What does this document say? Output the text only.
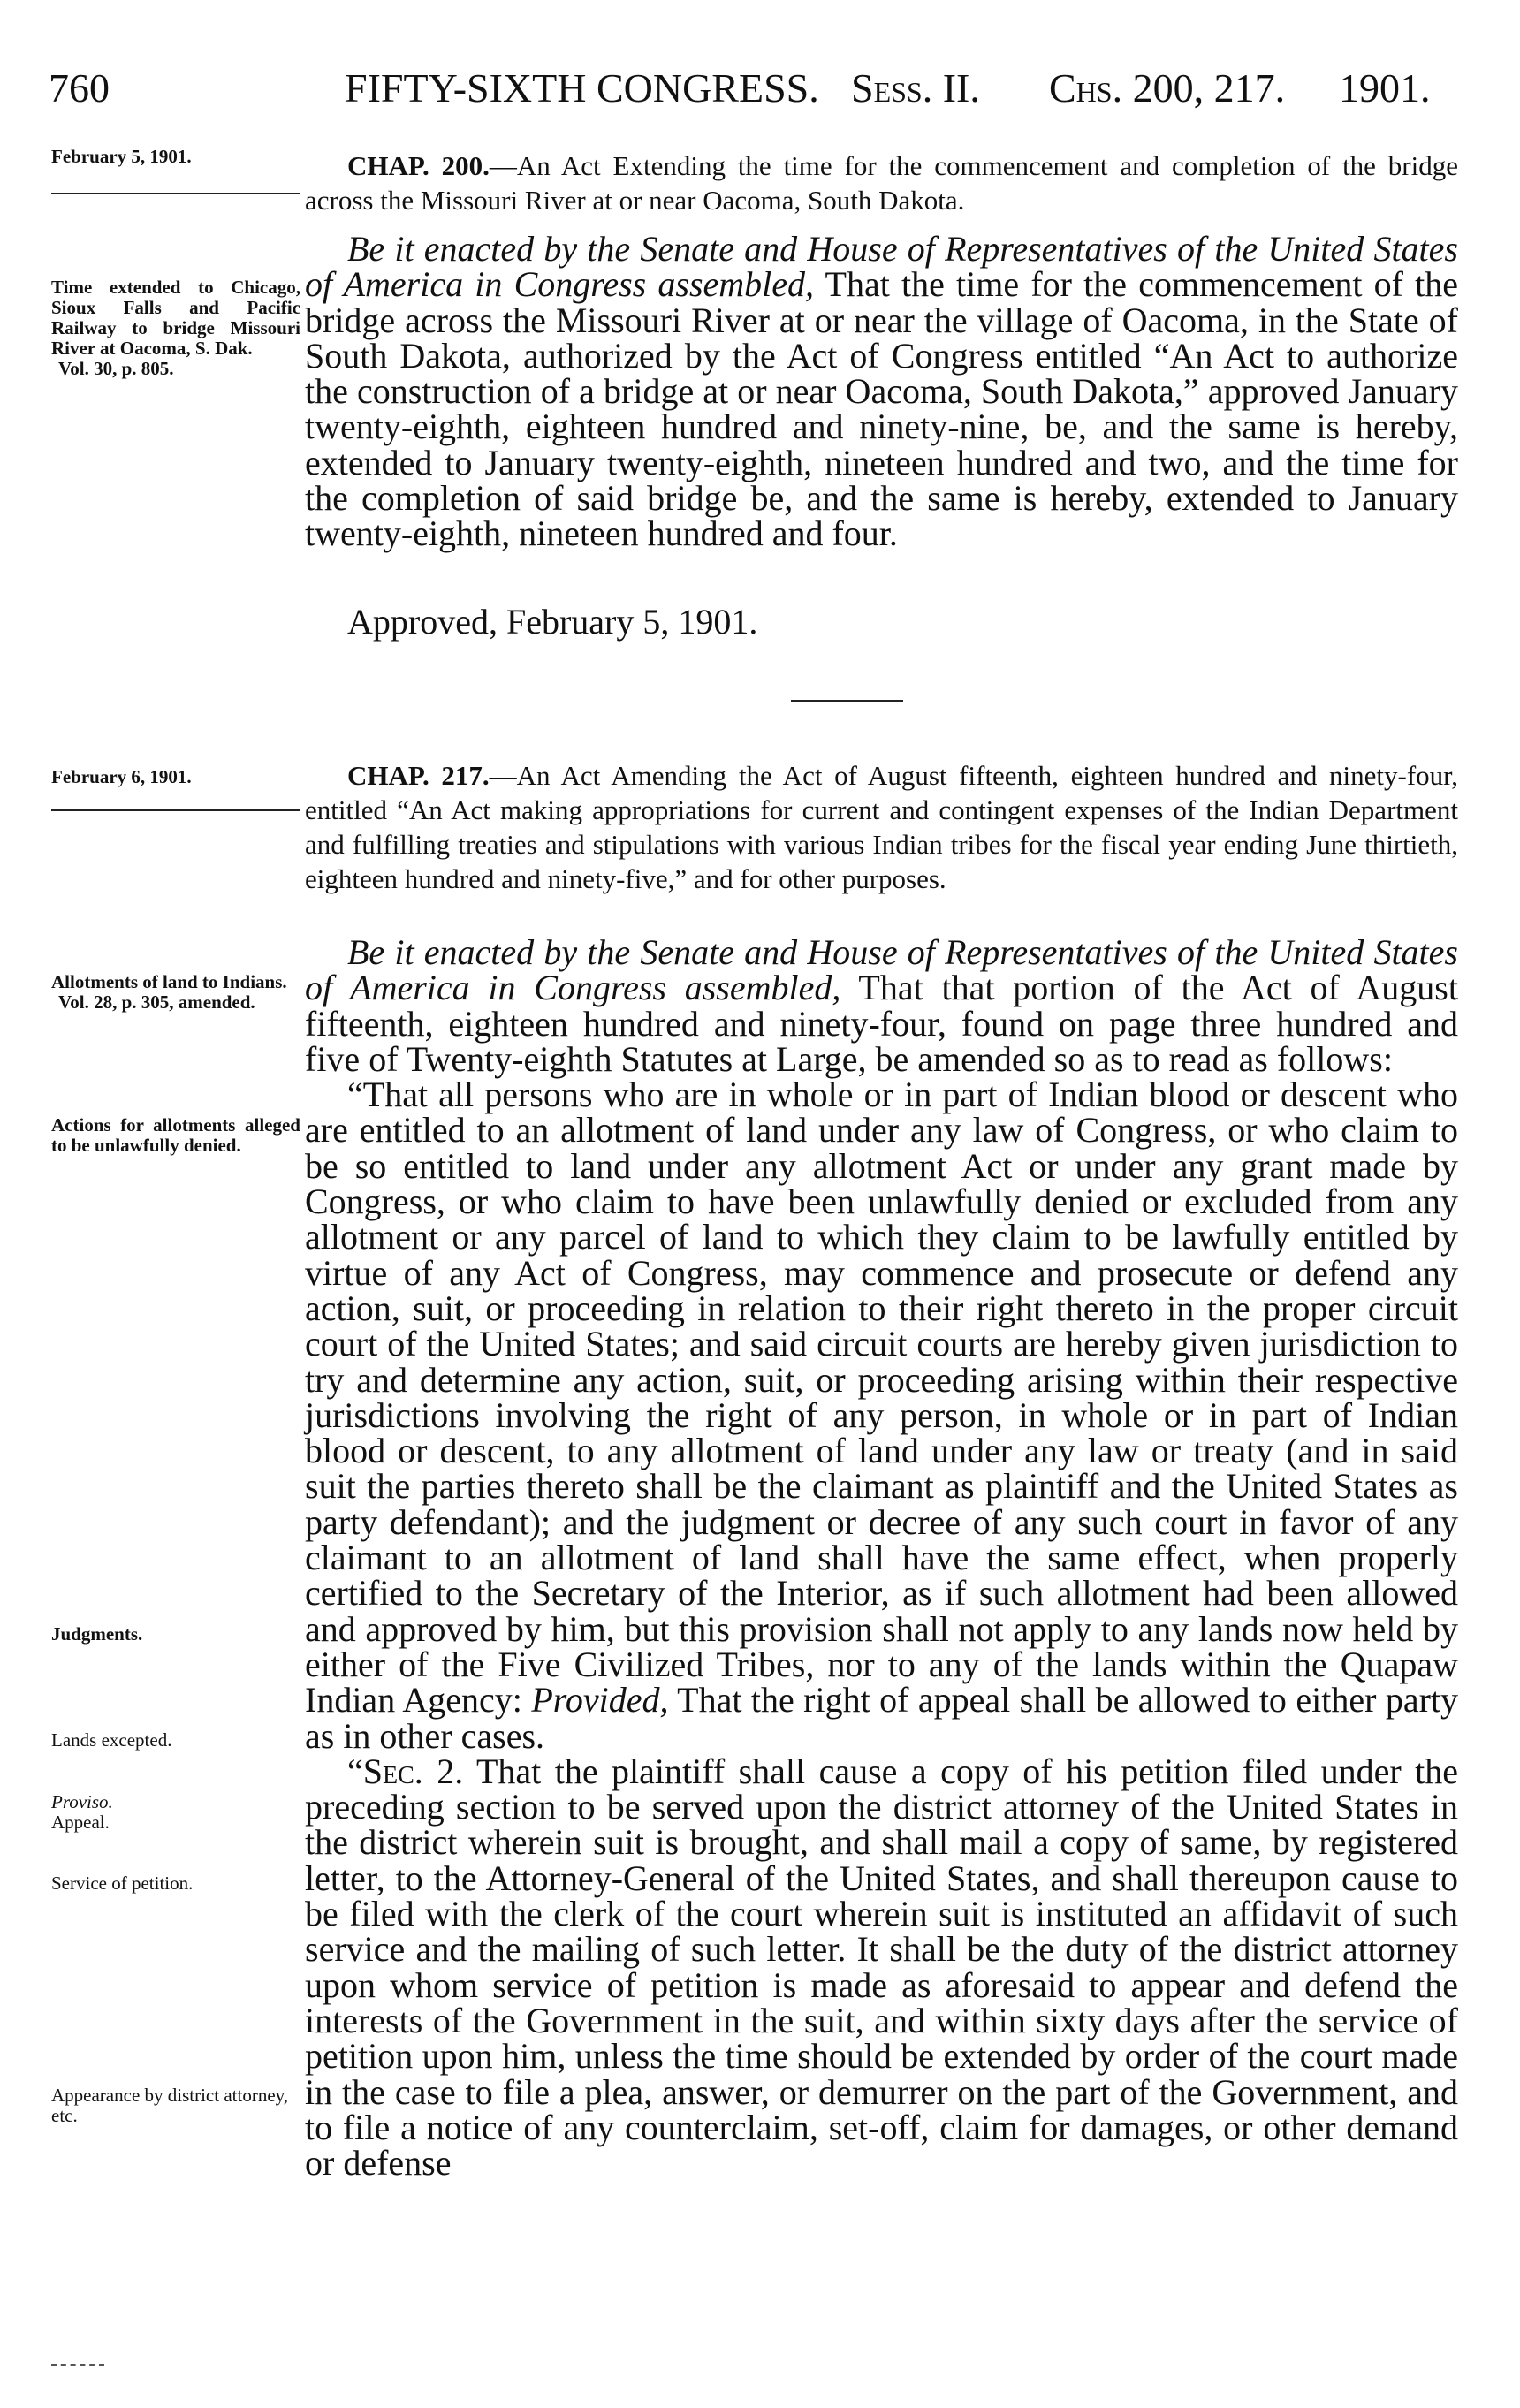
760	FIFTY-SIXTH CONGRESS. Sess. II. Chs. 200, 217. 1901.
February 5, 1901.	CHAP. 200.—An Act Extending the time for the commencement and completion of the bridge across the Missouri River at or near Oacoma, South Dakota.

Time extended to Chicago, Sioux Falls and Pacific Railway to bridge Missouri River at Oacoma, S. Dak.
Vol. 30, p. 805.

Be it enacted by the Senate and House of Representatives of the United States of America in Congress assembled, That the time for the commencement of the bridge across the Missouri River at or near the village of Oacoma, in the State of South Dakota, authorized by the Act of Congress entitled “An Act to authorize the construction of a bridge at or near Oacoma, South Dakota,” approved January twenty-eighth, eighteen hundred and ninety-nine, be, and the same is hereby, extended to January twenty-eighth, nineteen hundred and two, and the time for the completion of said bridge be, and the same is hereby, extended to January twenty-eighth, nineteen hundred and four.

Approved, February 5, 1901.
February 6, 1901.	CHAP. 217.—An Act Amending the Act of August fifteenth, eighteen hundred and ninety-four, entitled “An Act making appropriations for current and contingent expenses of the Indian Department and fulfilling treaties and stipulations with various Indian tribes for the fiscal year ending June thirtieth, eighteen hundred and ninety-five,” and for other purposes.

Be it enacted by the Senate and House of Representatives of the United States of America in Congress assembled, That that portion of the Act of August fifteenth, eighteen hundred and ninety-four, found on page three hundred and five of Twenty-eighth Statutes at Large, be amended so as to read as follows:

“That all persons who are in whole or in part of Indian blood or descent who are entitled to an allotment of land under any law of Congress, or who claim to be so entitled to land under any allotment Act or under any grant made by Congress, or who claim to have been unlawfully denied or excluded from any allotment or any parcel of land to which they claim to be lawfully entitled by virtue of any Act of Congress, may commence and prosecute or defend any action, suit, or proceeding in relation to their right thereto in the proper circuit court of the United States; and said circuit courts are hereby given jurisdiction to try and determine any action, suit, or proceeding arising within their respective jurisdictions involving the right of any person, in whole or in part of Indian blood or descent, to any allotment of land under any law or treaty (and in said suit the parties thereto shall be the claimant as plaintiff and the United States as party defendant); and the judgment or decree of any such court in favor of any claimant to an allotment of land shall have the same effect, when properly certified to the Secretary of the Interior, as if such allotment had been allowed and approved by him, but this provision shall not apply to any lands now held by either of the Five Civilized Tribes, nor to any of the lands within the Quapaw Indian Agency: Provided, That the right of appeal shall be allowed to either party as in other cases.

“Sec. 2. That the plaintiff shall cause a copy of his petition filed under the preceding section to be served upon the district attorney of the United States in the district wherein suit is brought, and shall mail a copy of same, by registered letter, to the Attorney-General of the United States, and shall thereupon cause to be filed with the clerk of the court wherein suit is instituted an affidavit of such service and the mailing of such letter. It shall be the duty of the district attorney upon whom service of petition is made as aforesaid to appear and defend the interests of the Government in the suit, and within sixty days after the service of petition upon him, unless the time should be extended by order of the court made in the case to file a plea, answer, or demurrer on the part of the Government, and to file a notice of any counterclaim, set-off, claim for damages, or other demand or defense

Allotments of land to Indians.
Vol. 28, p. 305, amended.
Actions for allotments alleged to be unlawfully denied.
Judgments.
Lands excepted.
Proviso.
Appeal.
Service of petition.
Appearance by district attorney, etc.
